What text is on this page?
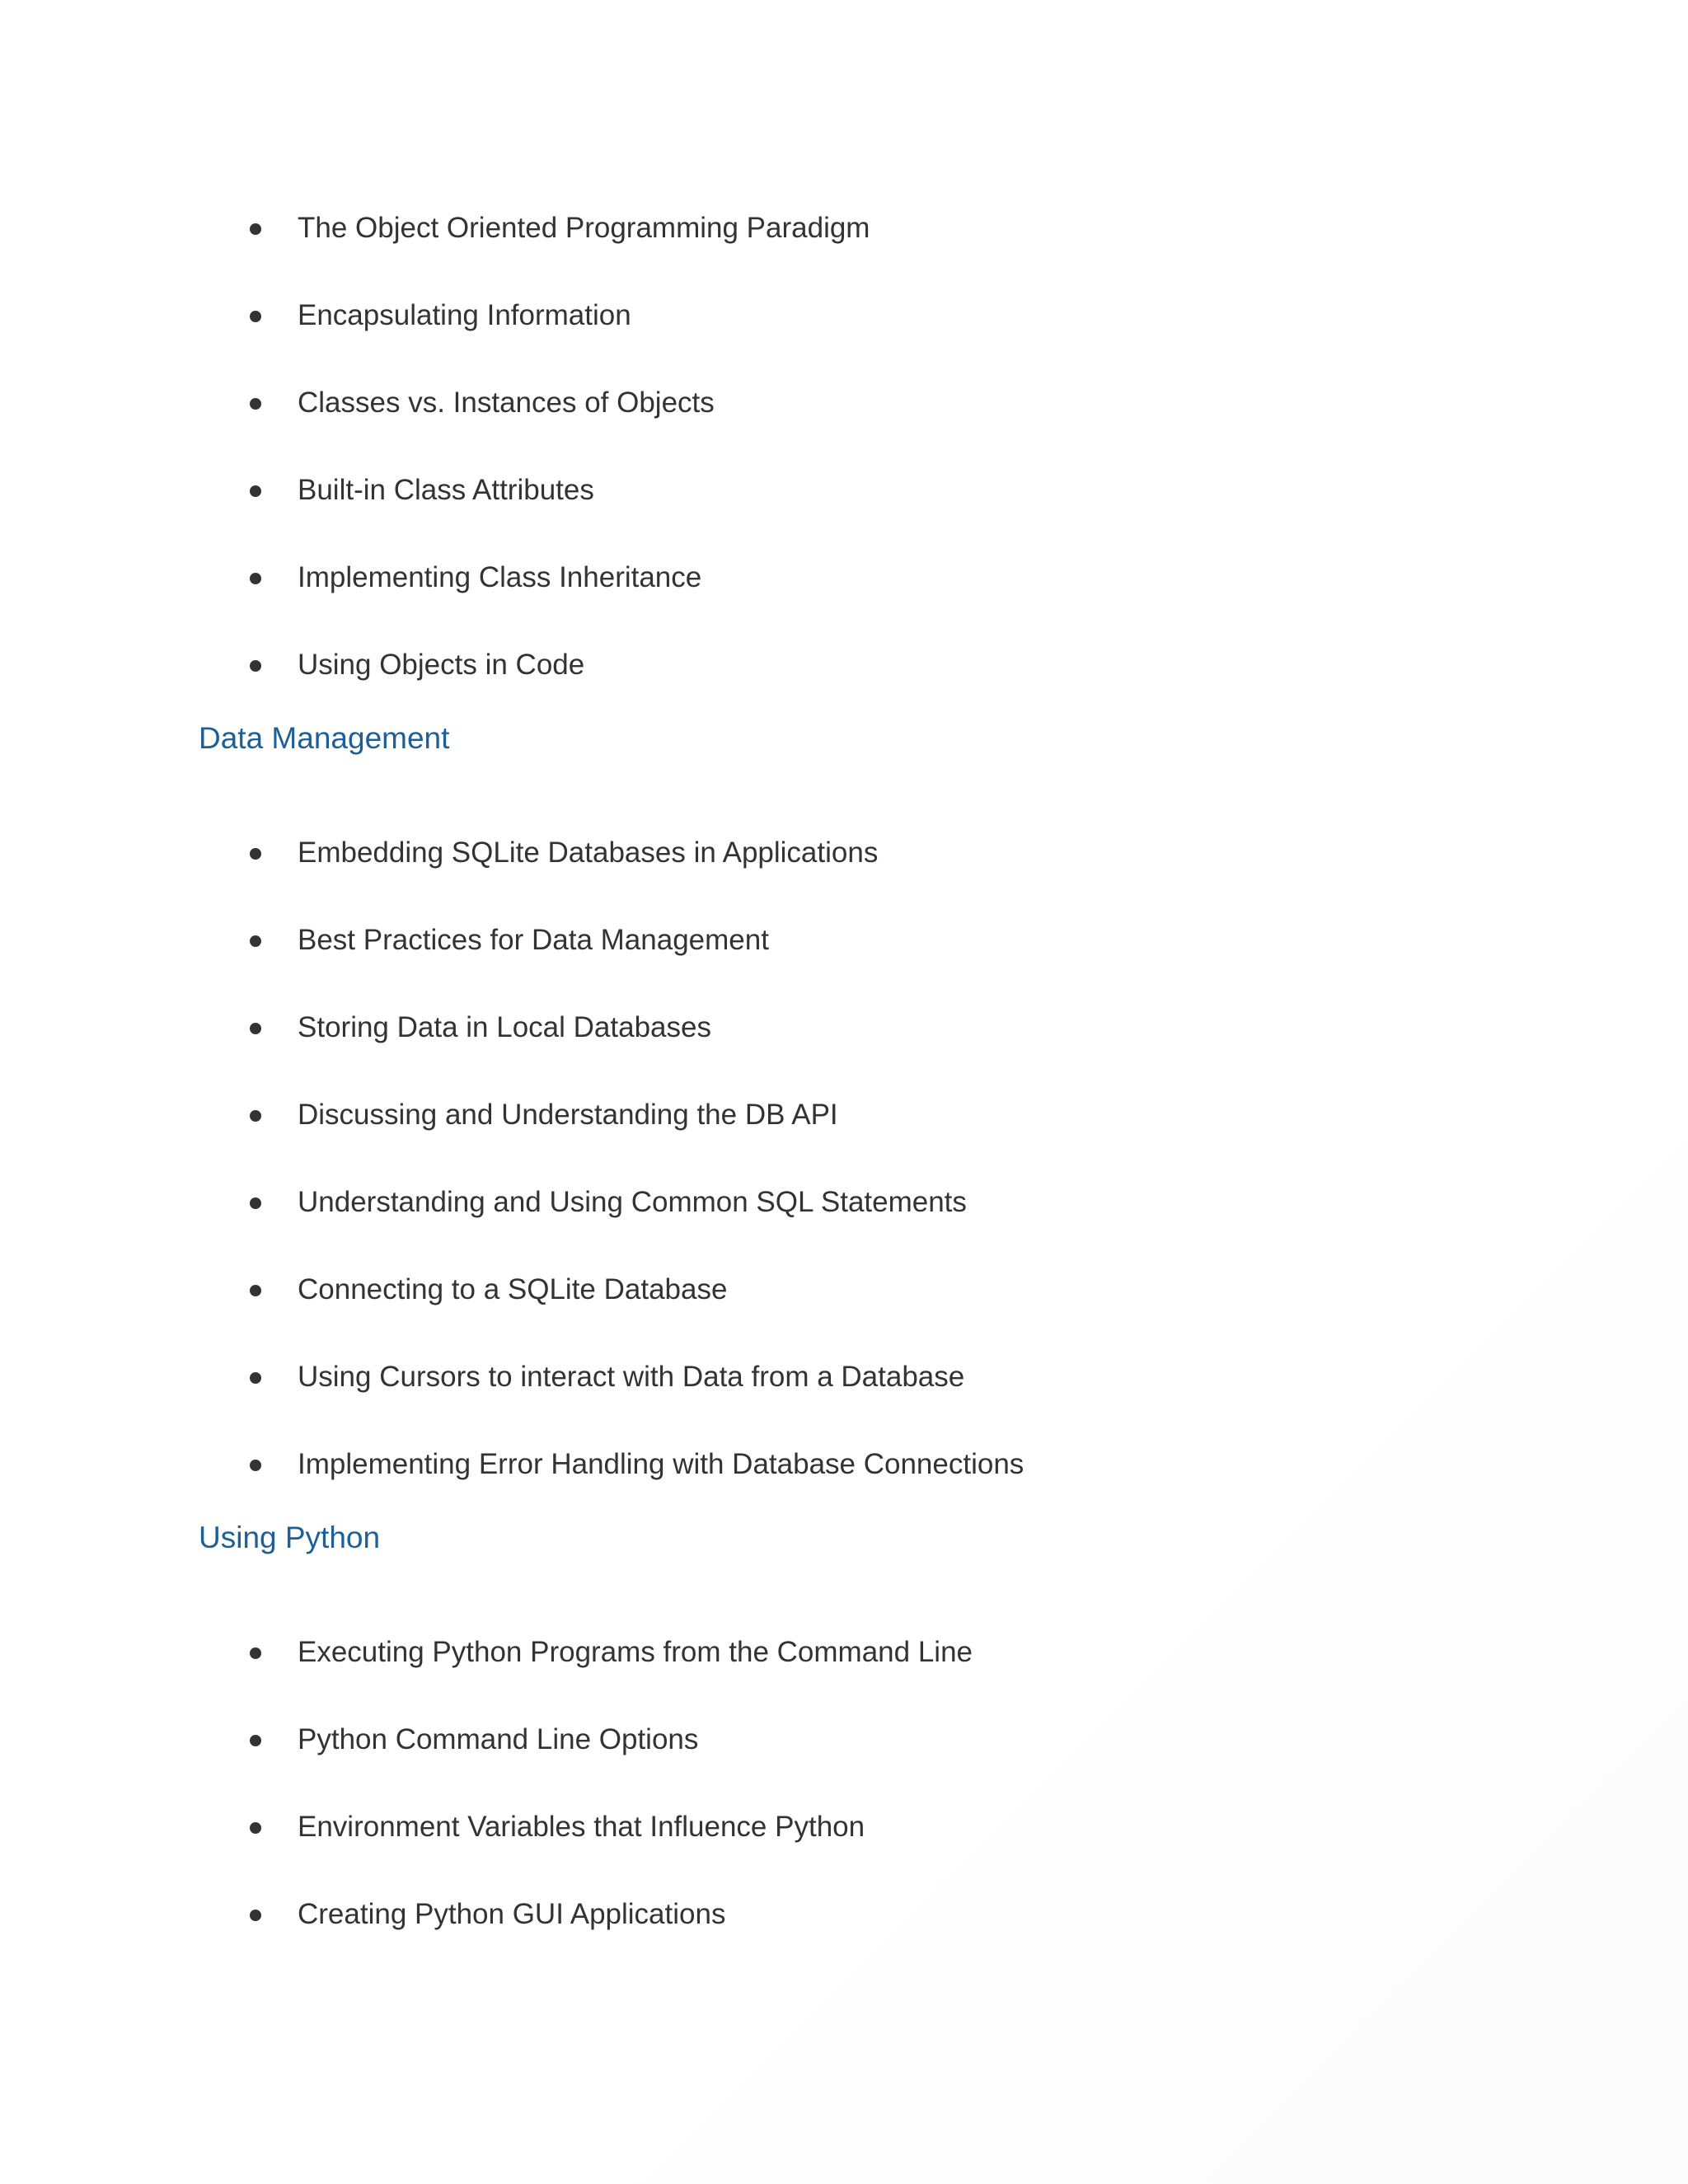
The Object Oriented Programming Paradigm
Encapsulating Information
Classes vs. Instances of Objects
Built-in Class Attributes
Implementing Class Inheritance
Using Objects in Code
Data Management
Embedding SQLite Databases in Applications
Best Practices for Data Management
Storing Data in Local Databases
Discussing and Understanding the DB API
Understanding and Using Common SQL Statements
Connecting to a SQLite Database
Using Cursors to interact with Data from a Database
Implementing Error Handling with Database Connections
Using Python
Executing Python Programs from the Command Line
Python Command Line Options
Environment Variables that Influence Python
Creating Python GUI Applications
